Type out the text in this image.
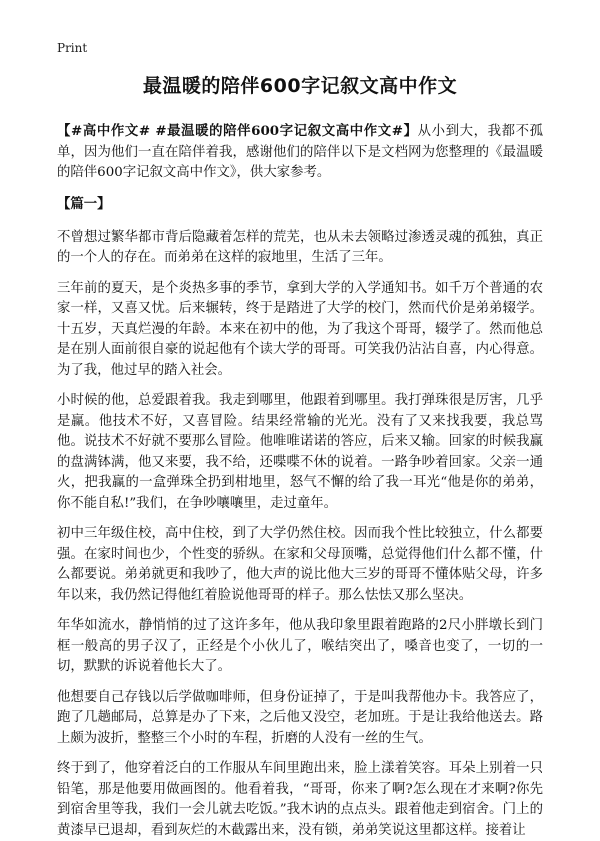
Print
最温暖的陪伴600字记叙文高中作文
【#高中作文# #最温暖的陪伴600字记叙文高中作文#】从小到大，我都不孤单，因为他们一直在陪伴着我，感谢他们的陪伴以下是文档网为您整理的《最温暖的陪伴600字记叙文高中作文》，供大家参考。
【篇一】
不曾想过繁华都市背后隐藏着怎样的荒芜，也从未去领略过渗透灵魂的孤独，真正的一个人的存在。而弟弟在这样的寂地里，生活了三年。
三年前的夏天，是个炎热多事的季节，拿到大学的入学通知书。如千万个普通的农家一样，又喜又忧。后来辗转，终于是踏进了大学的校门，然而代价是弟弟辍学。十五岁，天真烂漫的年龄。本来在初中的他，为了我这个哥哥，辍学了。然而他总是在别人面前很自豪的说起他有个读大学的哥哥。可笑我仍沾沾自喜，内心得意。为了我，他过早的踏入社会。
小时候的他，总爱跟着我。我走到哪里，他跟着到哪里。我打弹珠很是厉害，几乎是赢。他技术不好，又喜冒险。结果经常输的光光。没有了又来找我要，我总骂他。说技术不好就不要那么冒险。他唯唯诺诺的答应，后来又输。回家的时候我赢的盘满钵满，他又来要，我不给，还喋喋不休的说着。一路争吵着回家。父亲一通火，把我赢的一盒弹珠全扔到柑地里，怒气不懈的给了我一耳光“他是你的弟弟，你不能自私!”我们，在争吵嚷嚷里，走过童年。
初中三年级住校，高中住校，到了大学仍然住校。因而我个性比较独立，什么都要强。在家时间也少，个性变的骄纵。在家和父母顶嘴，总觉得他们什么都不懂，什么都要说。弟弟就更和我吵了，他大声的说比他大三岁的哥哥不懂体贴父母，许多年以来，我仍然记得他红着脸说他哥哥的样子。那么怯怯又那么坚决。
年华如流水，静悄悄的过了这许多年，他从我印象里跟着跑路的2尺小胖墩长到门框一般高的男子汉了，正经是个小伙儿了，喉结突出了，嗓音也变了，一切的一切，默默的诉说着他长大了。
他想要自己存钱以后学做咖啡师，但身份证掉了，于是叫我帮他办卡。我答应了，跑了几趟邮局，总算是办了下来，之后他又没空，老加班。于是让我给他送去。路上颇为波折，整整三个小时的车程，折磨的人没有一丝的生气。
终于到了，他穿着泛白的工作服从车间里跑出来，脸上漾着笑容。耳朵上别着一只铅笔，那是他要用做画图的。他看着我，“哥哥，你来了啊?怎么现在才来啊?你先到宿舍里等我，我们一会儿就去吃饭。”我木讷的点点头。跟着他走到宿舍。门上的黄漆早已退却，看到灰烂的木截露出来，没有锁，弟弟笑说这里都这样。接着让
